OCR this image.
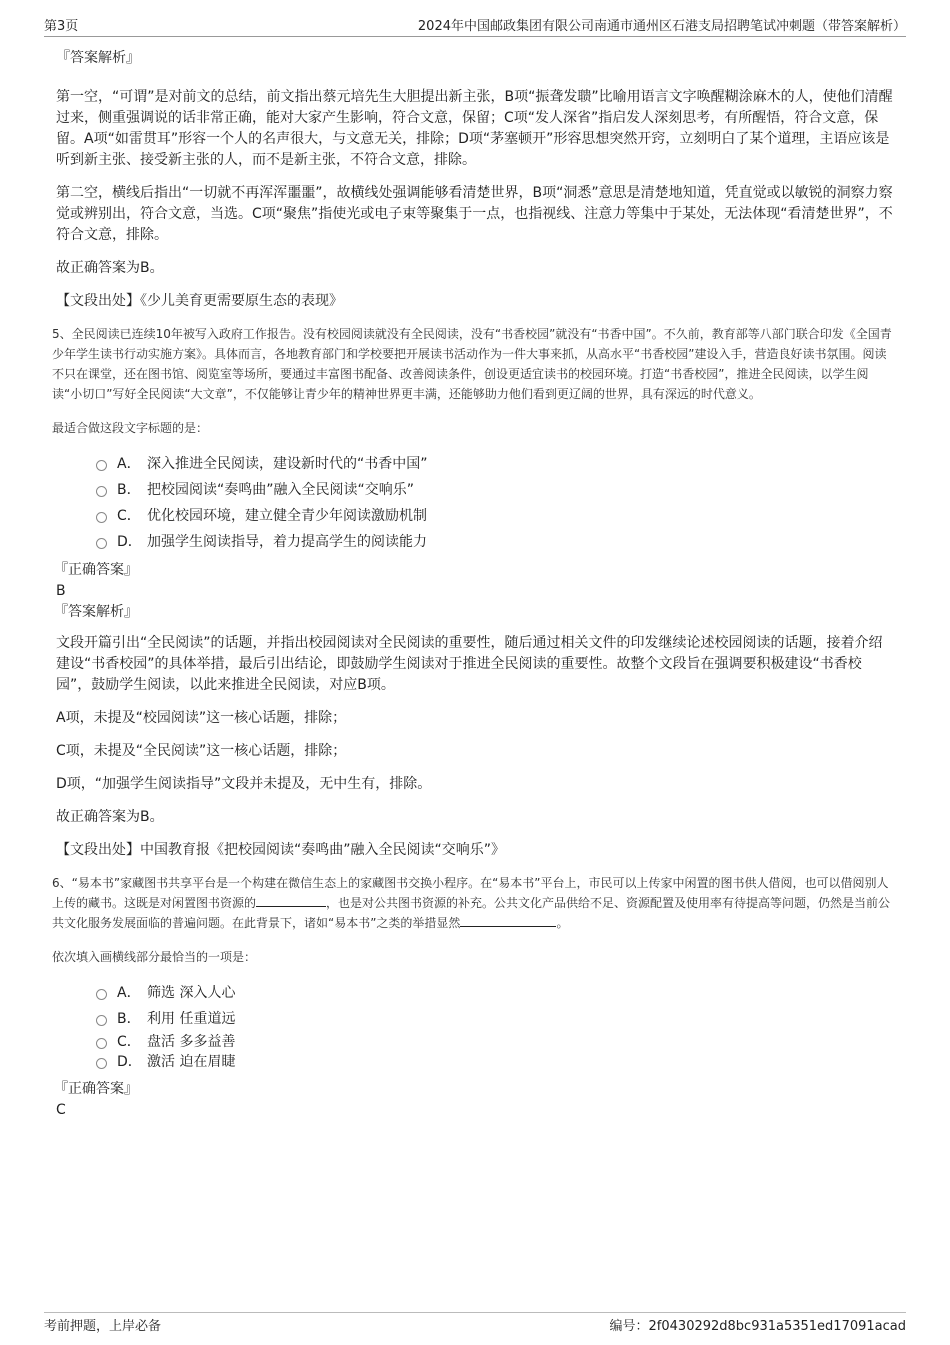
第3页	2024年中国邮政集团有限公司南通市通州区石港支局招聘笔试冲刺题（带答案解析）

『答案解析』

第一空，“可谓”是对前文的总结，前文指出蔡元培先生大胆提出新主张，B项“振聋发聩”比喻用语言文字唤醒糊涂麻木的人，使他们清醒过来，侧重强调说的话非常正确，能对大家产生影响，符合文意，保留；C项“发人深省”指启发人深刻思考，有所醒悟，符合文意，保留。A项“如雷贯耳”形容一个人的名声很大，与文意无关，排除；D项“茅塞顿开”形容思想突然开窍，立刻明白了某个道理，主语应该是听到新主张、接受新主张的人，而不是新主张，不符合文意，排除。

第二空，横线后指出“一切就不再浑浑噩噩”，故横线处强调能够看清楚世界，B项“洞悉”意思是清楚地知道，凭直觉或以敏锐的洞察力察觉或辨别出，符合文意，当选。C项“聚焦”指使光或电子束等聚集于一点，也指视线、注意力等集中于某处，无法体现“看清楚世界”，不符合文意，排除。

故正确答案为B。

【文段出处】《少儿美育更需要原生态的表现》

5、全民阅读已连续10年被写入政府工作报告。没有校园阅读就没有全民阅读，没有“书香校园”就没有“书香中国”。不久前，教育部等八部门联合印发《全国青少年学生读书行动实施方案》。具体而言，各地教育部门和学校要把开展读书活动作为一件大事来抓，从高水平“书香校园”建设入手，营造良好读书氛围。阅读不只在课堂，还在图书馆、阅览室等场所，要通过丰富图书配备、改善阅读条件，创设更适宜读书的校园环境。打造“书香校园”，推进全民阅读，以学生阅读“小切口”写好全民阅读“大文章”，不仅能够让青少年的精神世界更丰满，还能够助力他们看到更辽阔的世界，具有深远的时代意义。

最适合做这段文字标题的是：

A． 深入推进全民阅读，建设新时代的“书香中国”
B． 把校园阅读“奏鸣曲”融入全民阅读“交响乐”
C． 优化校园环境，建立健全青少年阅读激励机制
D． 加强学生阅读指导，着力提高学生的阅读能力

『正确答案』

B

『答案解析』

文段开篇引出“全民阅读”的话题，并指出校园阅读对全民阅读的重要性，随后通过相关文件的印发继续论述校园阅读的话题，接着介绍建设“书香校园”的具体举措，最后引出结论，即鼓励学生阅读对于推进全民阅读的重要性。故整个文段旨在强调要积极建设“书香校园”，鼓励学生阅读，以此来推进全民阅读，对应B项。

A项，未提及“校园阅读”这一核心话题，排除；

C项，未提及“全民阅读”这一核心话题，排除；

D项，“加强学生阅读指导”文段并未提及，无中生有，排除。

故正确答案为B。

【文段出处】中国教育报《把校园阅读“奏鸣曲”融入全民阅读“交响乐”》

6、“易本书”家藏图书共享平台是一个构建在微信生态上的家藏图书交换小程序。在“易本书”平台上，市民可以上传家中闲置的图书供人借阅，也可以借阅别人上传的藏书。这既是对闲置图书资源的	，也是对公共图书资源的补充。公共文化产品供给不足、资源配置及使用率有待提高等问题，仍然是当前公共文化服务发展面临的普遍问题。在此背景下，诸如“易本书”之类的举措显然	。

依次填入画横线部分最恰当的一项是：

A． 筛选 深入人心
B． 利用 任重道远
C． 盘活 多多益善
D． 激活 迫在眉睫

『正确答案』

C

考前押题，上岸必备	编号：2f0430292d8bc931a5351ed17091acad
